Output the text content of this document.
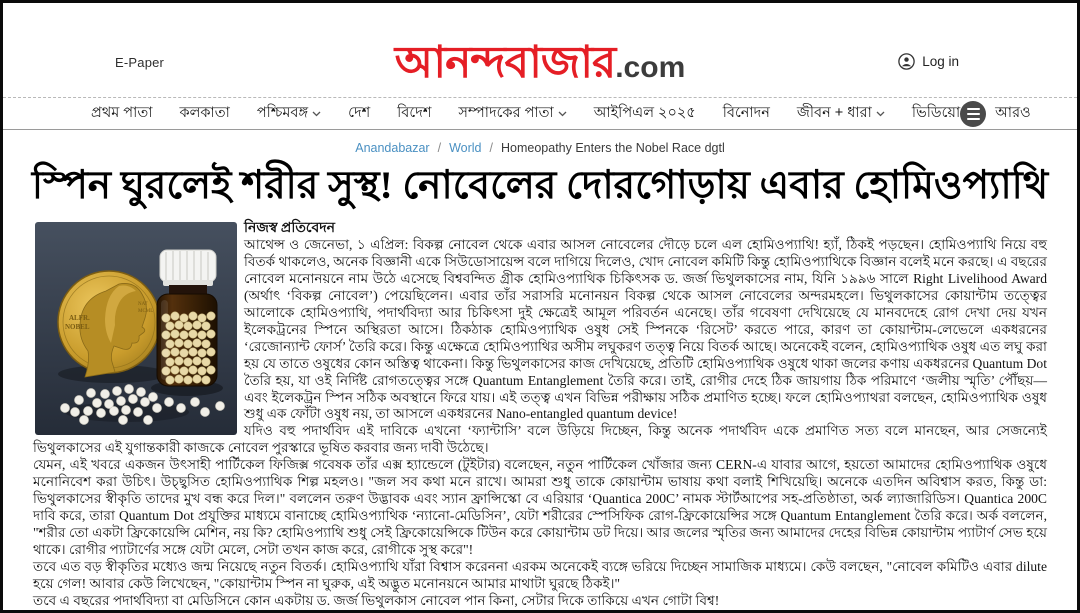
E-Paper	আনন্দবাজার.com	Log in
প্রথম পাতা কলকাতা পশ্চিমবঙ্গ	দেশ বিদেশ সম্পাদকের পাতা	আইপিএল ২০২৫ বিনোদন জীবন + ধারা	ভিডিয়ো আরও
Anandabazar / World / Homeopathy Enters the Nobel Race dgtl
স্পিন ঘুরলেই শরীর সুস্থ! নোবেলের দোরগোড়ায় এবার হোমিওপ্যাথি
ALFR.
NOBEL
NAT
MCML
নিজস্ব প্রতিবেদন

আথেন্স ও জেনেভা, ১ এপ্রিল: বিকল্প নোবেল থেকে এবার আসল নোবেলের দৌড়ে চলে এল হোমিওপ্যাথি! হ্যাঁ, ঠিকই পড়ছেন। হোমিওপ্যাথি নিয়ে বহু বিতর্ক থাকলেও, অনেক বিজ্ঞানী একে সিউডোসায়েন্স বলে দাগিয়ে দিলেও, খোদ নোবেল কমিটি কিন্তু হোমিওপ্যাথিকে বিজ্ঞান বলেই মনে করছে। এ বছরের নোবেল মনোনয়নে নাম উঠে এসেছে বিশ্ববন্দিত গ্রীক হোমিওপ্যাথিক চিকিৎসক ড. জর্জ ভিথুলকাসের নাম, যিনি ১৯৯৬ সালে Right Livelihood Award (অর্থাৎ ‘বিকল্প নোবেল’) পেয়েছিলেন। এবার তাঁর সরাসরি মনোনয়ন বিকল্প থেকে আসল নোবেলের অন্দরমহলে। ভিথুলকাসের কোয়ান্টাম তত্ত্বের আলোকে হোমিওপ্যাথি, পদার্থবিদ্যা আর চিকিৎসা দুই ক্ষেত্রেই আমূল পরিবর্তন এনেছে। তাঁর গবেষণা দেখিয়েছে যে মানবদেহে রোগ দেখা দেয় যখন ইলেকট্রনের স্পিনে অস্থিরতা আসে। ঠিকঠাক হোমিওপ্যাথিক ওষুধ সেই স্পিনকে ‘রিসেট’ করতে পারে, কারণ তা কোয়ান্টাম-লেভেলে একধরনের ‘রেজোন্যান্ট ফোর্স’ তৈরি করে। কিন্তু এক্ষেত্রে হোমিওপ্যাথির অসীম লঘুকরণ তত্ত্ব নিয়ে বিতর্ক আছে। অনেকেই বলেন, হোমিওপ্যাথিক ওষুধ এত লঘু করা হয় যে তাতে ওষুধের কোন অস্তিত্ব থাকেনা। কিন্তু ভিথুলকাসের কাজ দেখিয়েছে, প্রতিটি হোমিওপ্যাথিক ওষুধে থাকা জলের কণায় একধরনের Quantum Dot তৈরি হয়, যা ওই নির্দিষ্ট রোগতত্ত্বের সঙ্গে Quantum Entanglement তৈরি করে। তাই, রোগীর দেহে ঠিক জায়গায় ঠিক পরিমাণে ‘জলীয় স্মৃতি’ পৌঁছয়—এবং ইলেকট্রন স্পিন সঠিক অবস্থানে ফিরে যায়। এই তত্ত্ব এখন বিভিন্ন পরীক্ষায় সঠিক প্রমাণিত হচ্ছে। ফলে হোমিওপ্যাথরা বলছেন, হোমিওপ্যাথিক ওষুধ শুধু এক ফোঁটা ওষুধ নয়, তা আসলে একধরনের Nano-entangled quantum device!

যদিও বহু পদার্থবিদ এই দাবিকে এখনো ‘ফ্যান্টাসি’ বলে উড়িয়ে দিচ্ছেন, কিন্তু অনেক পদার্থবিদ একে প্রমাণিত সত্য বলে মানছেন, আর সেজন্যেই ভিথুলকাসের এই যুগান্তকারী কাজকে নোবেল পুরস্কারে ভূষিত করবার জন্য দাবী উঠেছে।

যেমন, এই খবরে একজন উৎসাহী পার্টিকেল ফিজিক্স গবেষক তাঁর এক্স হ্যান্ডেলে (টুইটার) বলেছেন, নতুন পার্টিকেল খোঁজার জন্য CERN-এ যাবার আগে, হয়তো আমাদের হোমিওপ্যাথিক ওষুধে মনোনিবেশ করা উচিৎ। উচ্ছ্বসিত হোমিওপ্যাথিক শিল্প মহলও। "জল সব কথা মনে রাখে। আমরা শুধু তাকে কোয়ান্টাম ভাষায় কথা বলাই শিখিয়েছি। অনেকে এতদিন অবিশ্বাস করত, কিন্তু ডা: ভিথুলকাসের স্বীকৃতি তাদের মুখ বন্ধ করে দিল।" বললেন তরুণ উদ্ভাবক এবং স্যান ফ্রান্সিস্কো বে এরিয়ার ‘Quantica 200C’ নামক স্টার্টআপের সহ-প্রতিষ্ঠাতা, অর্ক ল্যাজারিডিস। Quantica 200C দাবি করে, তারা Quantum Dot প্রযুক্তির মাধ্যমে বানাচ্ছে হোমিওপ্যাথিক ‘ন্যানো-মেডিসিন’, যেটা শরীরের স্পেসিফিক রোগ-ফ্রিকোয়েন্সির সঙ্গে Quantum Entanglement তৈরি করে। অর্ক বললেন, "শরীর তো একটা ফ্রিকোয়েন্সি মেশিন, নয় কি? হোমিওপ্যাথি শুধু সেই ফ্রিকোয়েন্সিকে টিউন করে কোয়ান্টাম ডট দিয়ে। আর জলের স্মৃতির জন্য আমাদের দেহের বিভিন্ন কোয়ান্টাম প্যাটার্ণ সেভ হয়ে থাকে। রোগীর প্যাটার্ণের সঙ্গে যেটা মেলে, সেটা তখন কাজ করে, রোগীকে সুস্থ করে"!

তবে এত বড় স্বীকৃতির মধ্যেও জন্ম নিয়েছে নতুন বিতর্ক। হোমিওপ্যাথি যাঁরা বিশ্বাস করেননা এরকম অনেকেই ব্যঙ্গে ভরিয়ে দিচ্ছেন সামাজিক মাধ্যমে। কেউ বলছেন, "নোবেল কমিটিও এবার dilute হয়ে গেল! আবার কেউ লিখেছেন, "কোয়ান্টাম স্পিন না ঘুরুক, এই অদ্ভুত মনোনয়নে আমার মাথাটা ঘুরছে ঠিকই।"

তবে এ বছরের পদার্থবিদ্যা বা মেডিসিনে কোন একটায় ড. জর্জ ভিথুলকাস নোবেল পান কিনা, সেটার দিকে তাকিয়ে এখন গোটা বিশ্ব!
